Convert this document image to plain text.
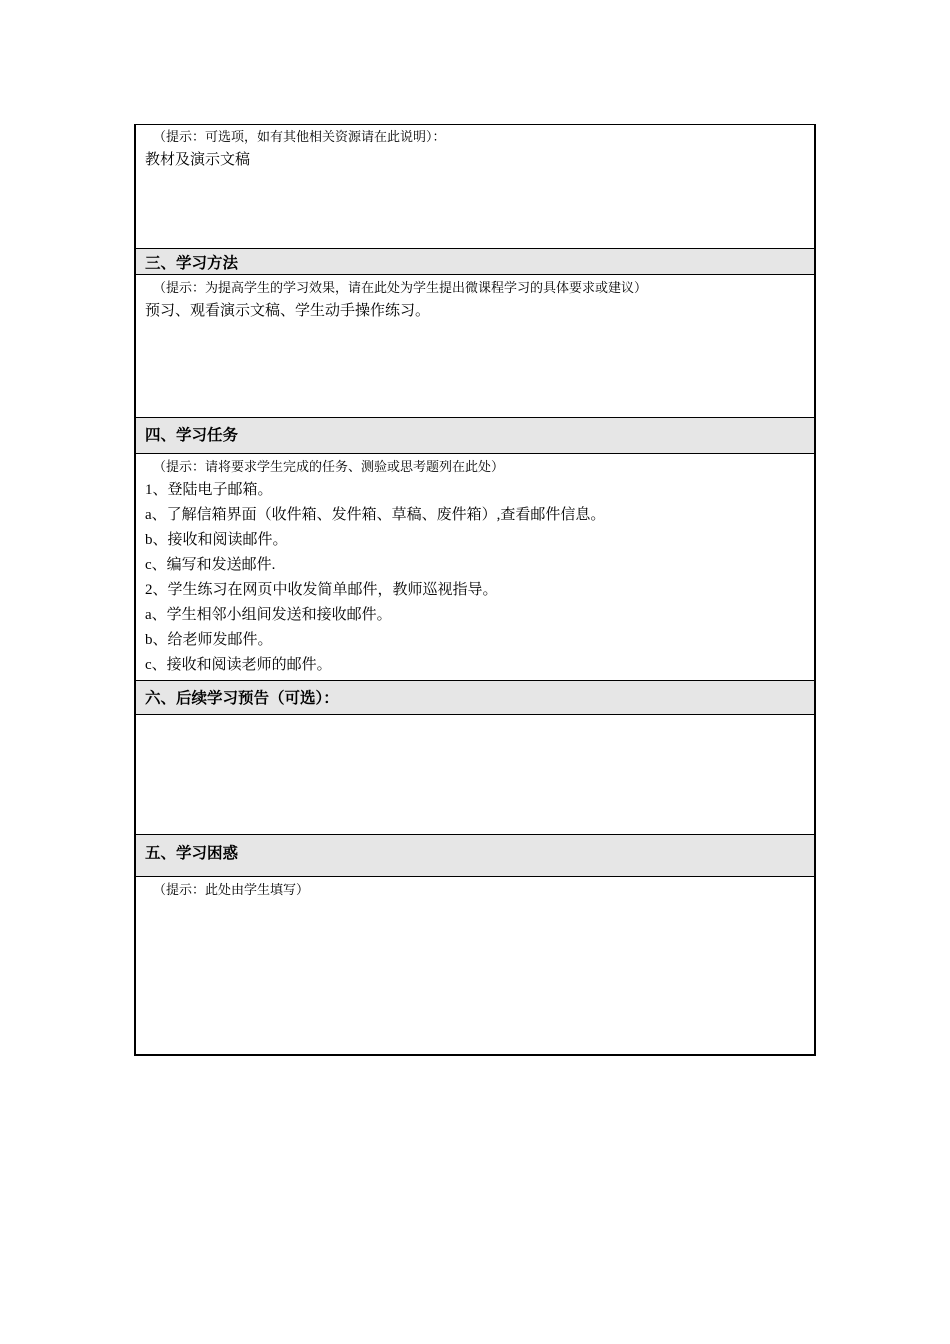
（提示：可选项，如有其他相关资源请在此说明）：
教材及演示文稿
三、学习方法
（提示：为提高学生的学习效果，请在此处为学生提出微课程学习的具体要求或建议）
预习、观看演示文稿、学生动手操作练习。
四、学习任务
（提示：请将要求学生完成的任务、测验或思考题列在此处）
1、登陆电子邮箱。
a、了解信箱界面（收件箱、发件箱、草稿、废件箱）,查看邮件信息。
b、接收和阅读邮件。
c、编写和发送邮件.
2、学生练习在网页中收发简单邮件，教师巡视指导。
a、学生相邻小组间发送和接收邮件。
b、给老师发邮件。
c、接收和阅读老师的邮件。
六、后续学习预告（可选）：
五、学习困惑
（提示：此处由学生填写）
